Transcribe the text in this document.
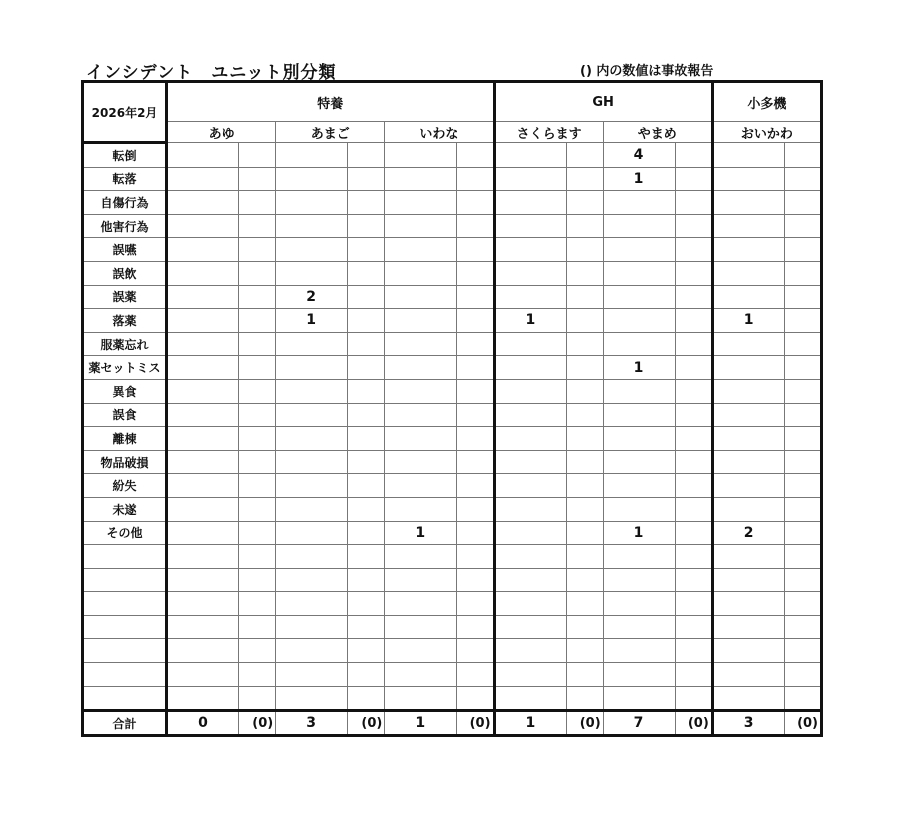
インシデント　ユニット別分類	() 内の数値は事故報告
2026年2月	特養						GH				小多機	
	あゆ		あまご		いわな		さくらます		やまめ		おいかわ	
転倒									4			
転落									1			
自傷行為												
他害行為												
誤嚥												
誤飲												
誤薬			2									
落薬			1				1				1	
服薬忘れ												
薬セットミス									1			
異食												
誤食												
離棟												
物品破損												
紛失												
未遂												
その他					1				1		2	

合計	0	(0)	3	(0)	1	(0)	1	(0)	7	(0)	3	(0)
